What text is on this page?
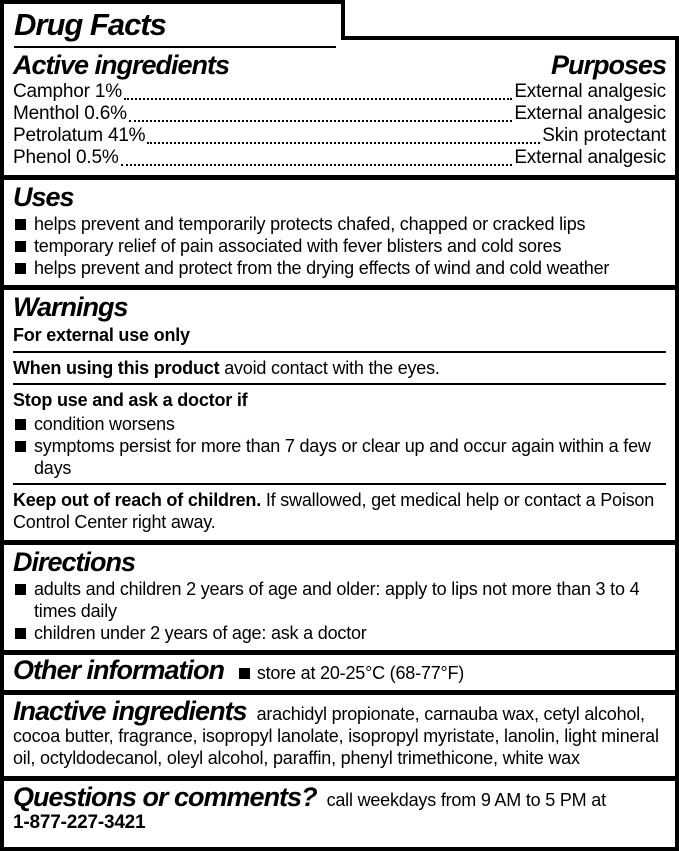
Drug Facts
Active ingredients	Purposes
Camphor 1%	External analgesic
Menthol 0.6%	External analgesic
Petrolatum 41%	Skin protectant
Phenol 0.5%	External analgesic
Uses
helps prevent and temporarily protects chafed, chapped or cracked lips
temporary relief of pain associated with fever blisters and cold sores
helps prevent and protect from the drying effects of wind and cold weather
Warnings
For external use only

When using this product avoid contact with the eyes.

Stop use and ask a doctor if
condition worsens
symptoms persist for more than 7 days or clear up and occur again within a few days

Keep out of reach of children. If swallowed, get medical help or contact a Poison Control Center right away.

Directions
adults and children 2 years of age and older: apply to lips not more than 3 to 4 times daily
children under 2 years of age: ask a doctor
Other information store at 20-25°C (68-77°F)

Inactive ingredients arachidyl propionate, carnauba wax, cetyl alcohol, cocoa butter, fragrance, isopropyl lanolate, isopropyl myristate, lanolin, light mineral oil, octyldodecanol, oleyl alcohol, paraffin, phenyl trimethicone, white wax

Questions or comments? call weekdays from 9 AM to 5 PM at
1-877-227-3421
